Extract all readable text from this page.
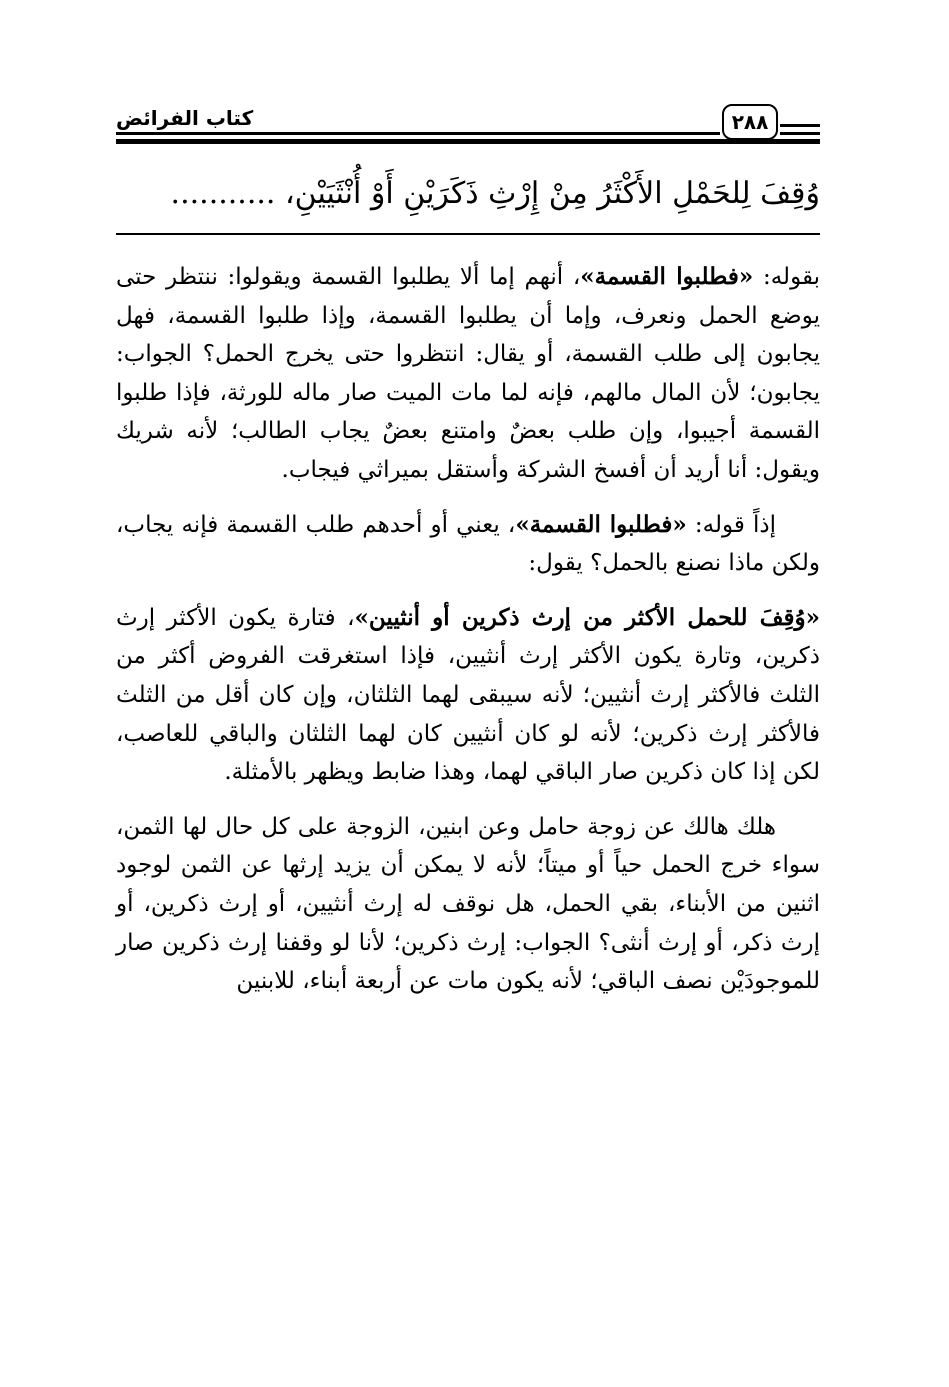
كتاب الفرائض	٢٨٨
وُقِفَ لِلحَمْلِ الأَكْثَرُ مِنْ إِرْثِ ذَكَرَيْنِ أَوْ أُنْثَيَيْنِ، ...........

بقوله: «فطلبوا القسمة»، أنهم إما ألا يطلبوا القسمة ويقولوا: ننتظر حتى يوضع الحمل ونعرف، وإما أن يطلبوا القسمة، وإذا طلبوا القسمة، فهل يجابون إلى طلب القسمة، أو يقال: انتظروا حتى يخرج الحمل؟ الجواب: يجابون؛ لأن المال مالهم، فإنه لما مات الميت صار ماله للورثة، فإذا طلبوا القسمة أجيبوا، وإن طلب بعضٌ وامتنع بعضٌ يجاب الطالب؛ لأنه شريك ويقول: أنا أريد أن أفسخ الشركة وأستقل بميراثي فيجاب.

إذاً قوله: «فطلبوا القسمة»، يعني أو أحدهم طلب القسمة فإنه يجاب، ولكن ماذا نصنع بالحمل؟ يقول:

«وُقِفَ للحمل الأكثر من إرث ذكرين أو أنثيين»، فتارة يكون الأكثر إرث ذكرين، وتارة يكون الأكثر إرث أنثيين، فإذا استغرقت الفروض أكثر من الثلث فالأكثر إرث أنثيين؛ لأنه سيبقى لهما الثلثان، وإن كان أقل من الثلث فالأكثر إرث ذكرين؛ لأنه لو كان أنثيين كان لهما الثلثان والباقي للعاصب، لكن إذا كان ذكرين صار الباقي لهما، وهذا ضابط ويظهر بالأمثلة.

هلك هالك عن زوجة حامل وعن ابنين، الزوجة على كل حال لها الثمن، سواء خرج الحمل حياً أو ميتاً؛ لأنه لا يمكن أن يزيد إرثها عن الثمن لوجود اثنين من الأبناء، بقي الحمل، هل نوقف له إرث أنثيين، أو إرث ذكرين، أو إرث ذكر، أو إرث أنثى؟ الجواب: إرث ذكرين؛ لأنا لو وقفنا إرث ذكرين صار للموجودَيْن نصف الباقي؛ لأنه يكون مات عن أربعة أبناء، للابنين
